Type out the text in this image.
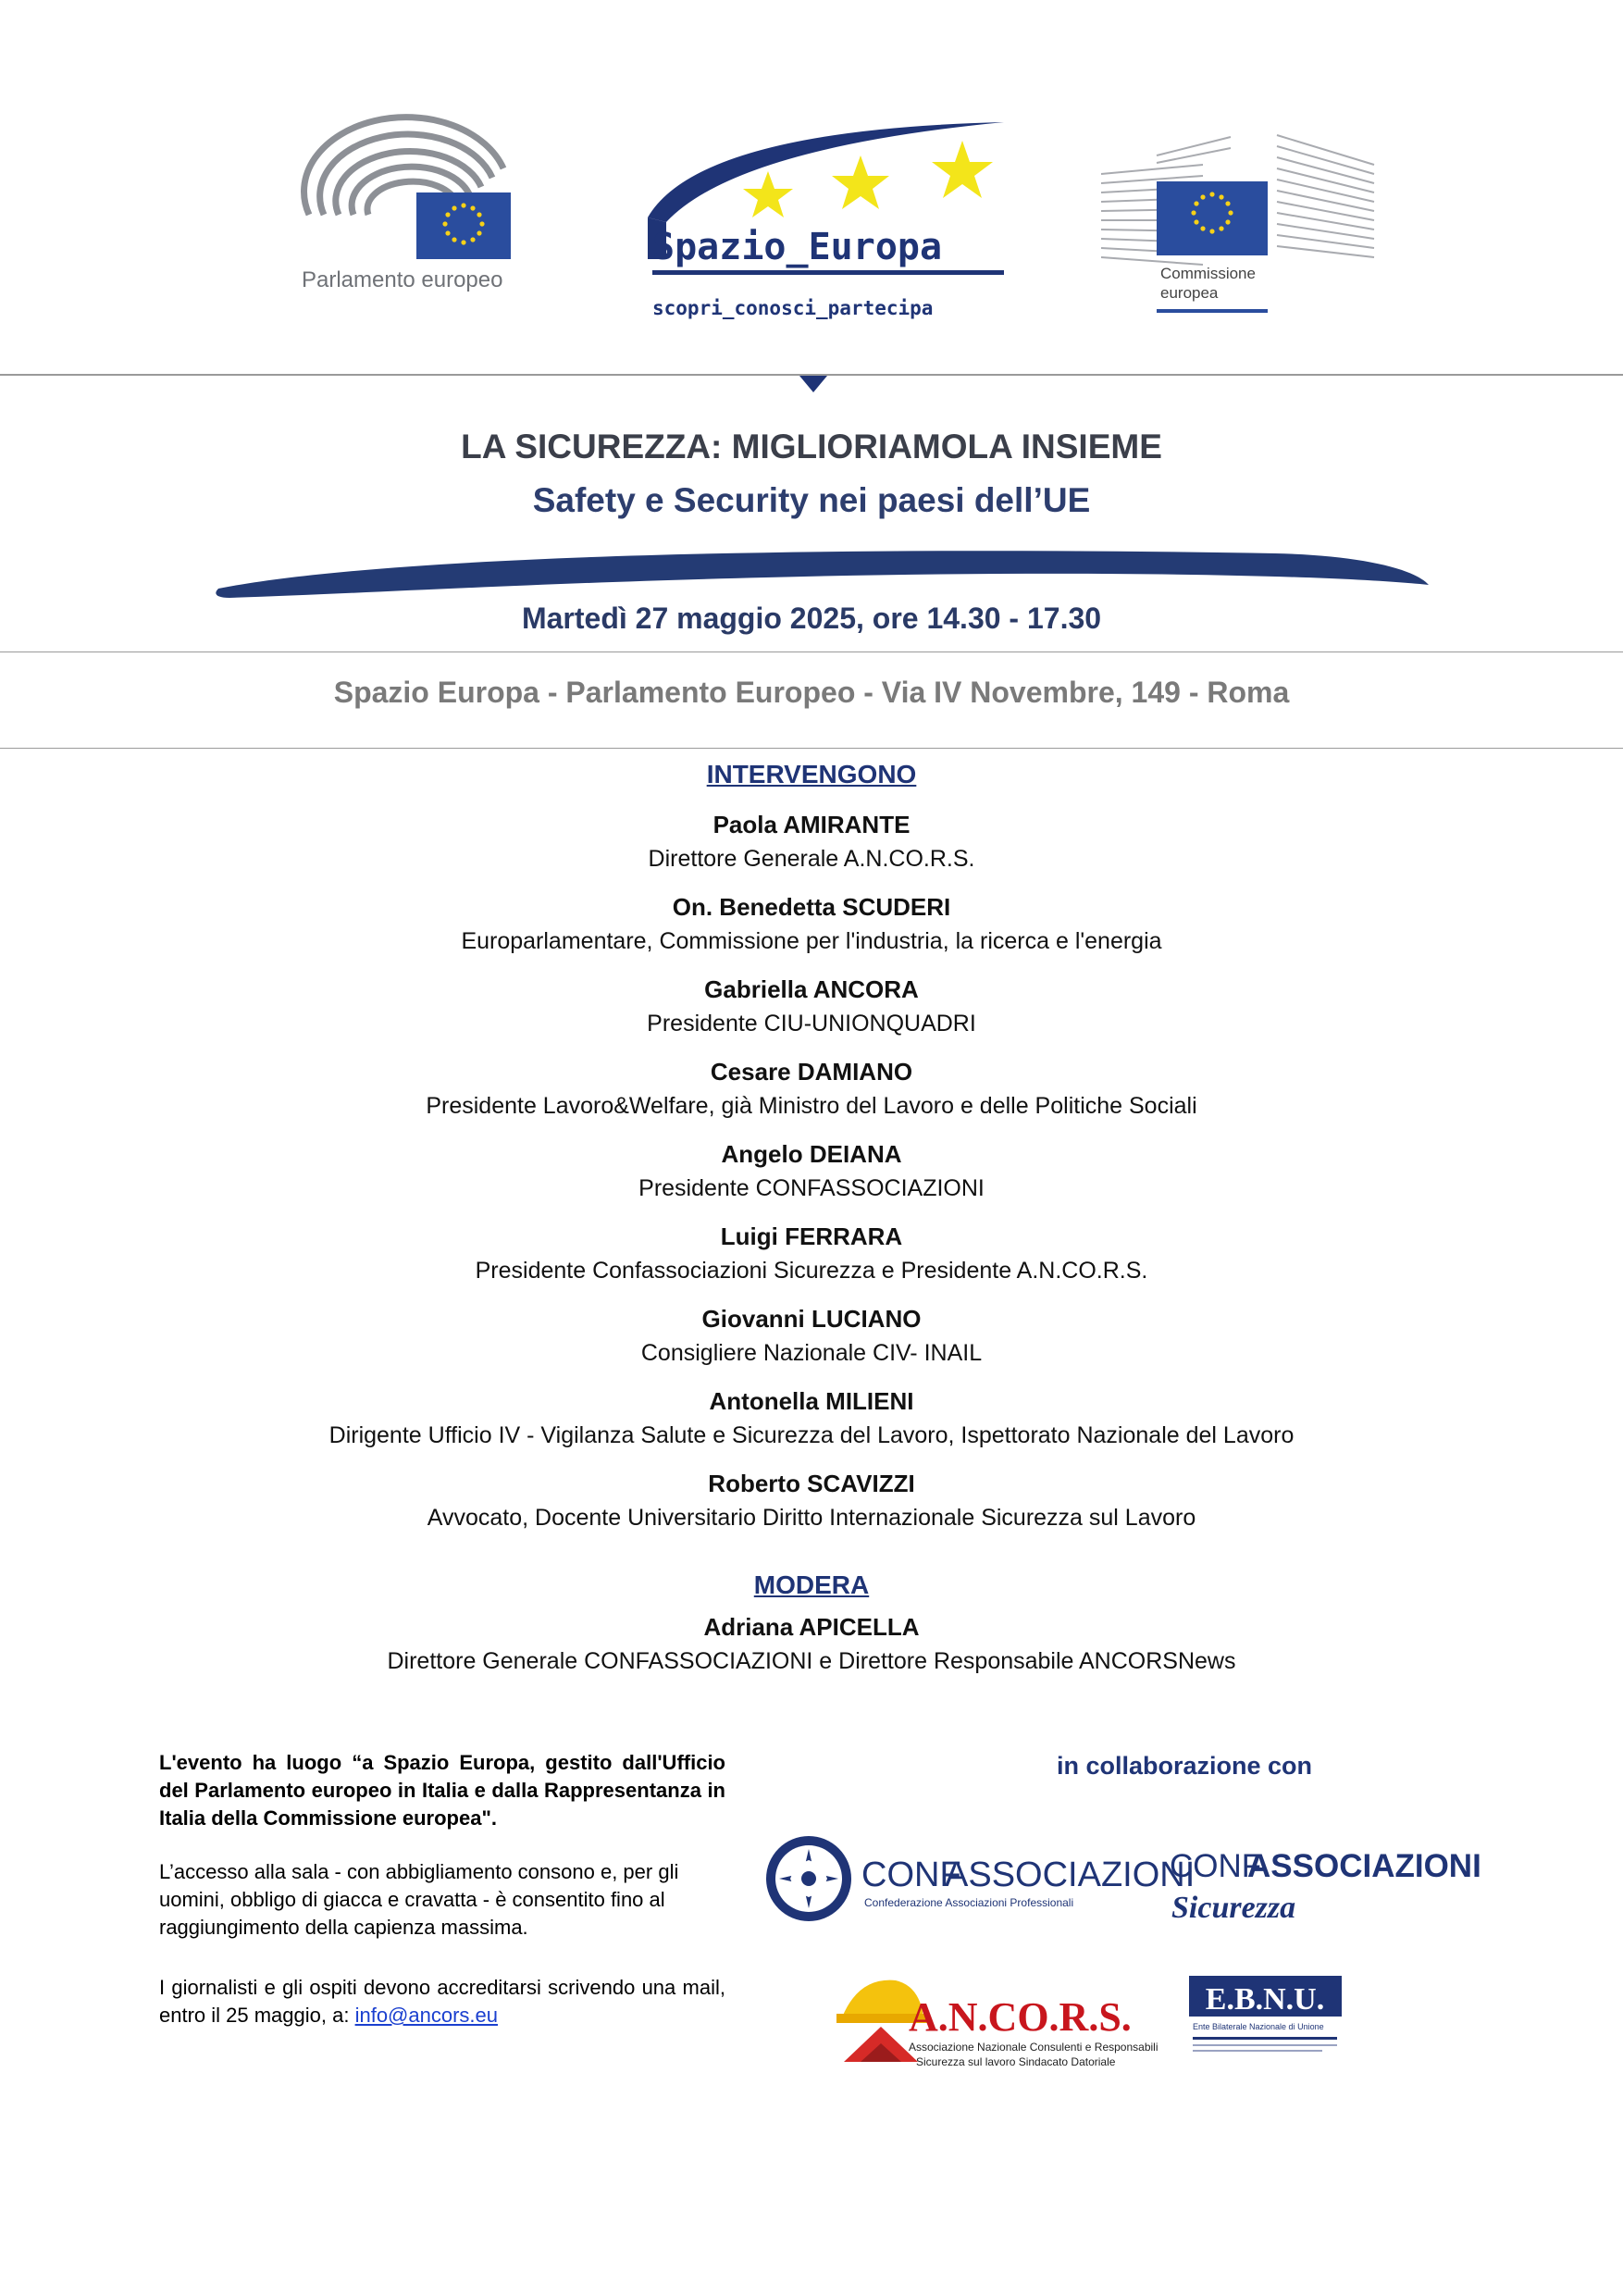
Parlamento europeo
Spazio_Europa
scopri_conosci_partecipa
Commissione
europea
LA SICUREZZA: MIGLIORIAMOLA INSIEME
Safety e Security nei paesi dell’UE
Martedì 27 maggio 2025, ore 14.30 - 17.30
Spazio Europa - Parlamento Europeo - Via IV Novembre, 149 - Roma
INTERVENGONO
Paola AMIRANTE
Direttore Generale A.N.CO.R.S.
On. Benedetta SCUDERI
Europarlamentare, Commissione per l'industria, la ricerca e l'energia
Gabriella ANCORA
Presidente CIU-UNIONQUADRI
Cesare DAMIANO
Presidente Lavoro&Welfare, già Ministro del Lavoro e delle Politiche Sociali
Angelo DEIANA
Presidente CONFASSOCIAZIONI
Luigi FERRARA
Presidente Confassociazioni Sicurezza e Presidente A.N.CO.R.S.
Giovanni LUCIANO
Consigliere Nazionale CIV- INAIL
Antonella MILIENI
Dirigente Ufficio IV - Vigilanza Salute e Sicurezza del Lavoro, Ispettorato Nazionale del Lavoro
Roberto SCAVIZZI
Avvocato, Docente Universitario Diritto Internazionale Sicurezza sul Lavoro
MODERA
Adriana APICELLA
Direttore Generale CONFASSOCIAZIONI e Direttore Responsabile ANCORSNews
L'evento ha luogo “a Spazio Europa, gestito dall'Ufficio del Parlamento europeo in Italia e dalla Rappresentanza in Italia della Commissione europea".
L’accesso alla sala - con abbigliamento consono e, per gli uomini, obbligo di giacca e cravatta - è consentito fino al raggiungimento della capienza massima.
I giornalisti e gli ospiti devono accreditarsi scrivendo una mail, entro il 25 maggio, a: info@ancors.eu
in collaborazione con
CONF
ASSOCIAZIONI
Confederazione Associazioni Professionali
CONF
ASSOCIAZIONI
Sicurezza
A.N.CO.R.S.
Associazione Nazionale Consulenti e Responsabili
Sicurezza sul lavoro Sindacato Datoriale
E.B.N.U.
Ente Bilaterale Nazionale di Unione
